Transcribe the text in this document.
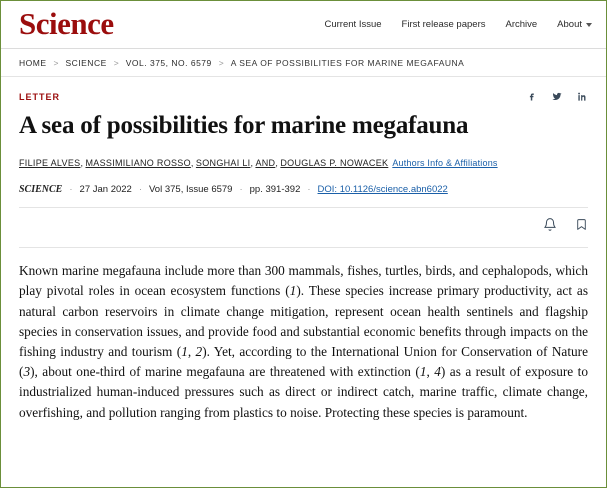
Science	Current Issue First release papers Archive About
HOME > SCIENCE > VOL. 375, NO. 6579 > A SEA OF POSSIBILITIES FOR MARINE MEGAFAUNA
LETTER
A sea of possibilities for marine megafauna
FILIPE ALVES, MASSIMILIANO ROSSO, SONGHAI LI, AND, DOUGLAS P. NOWACEK Authors Info & Affiliations
SCIENCE · 27 Jan 2022 · Vol 375, Issue 6579 · pp. 391-392 · DOI: 10.1126/science.abn6022
Known marine megafauna include more than 300 mammals, fishes, turtles, birds, and cephalopods, which play pivotal roles in ocean ecosystem functions (1). These species increase primary productivity, act as natural carbon reservoirs in climate change mitigation, represent ocean health sentinels and flagship species in conservation issues, and provide food and substantial economic benefits through impacts on the fishing industry and tourism (1, 2). Yet, according to the International Union for Conservation of Nature (3), about one-third of marine megafauna are threatened with extinction (1, 4) as a result of exposure to industrialized human-induced pressures such as direct or indirect catch, marine traffic, climate change, overfishing, and pollution ranging from plastics to noise. Protecting these species is paramount.
